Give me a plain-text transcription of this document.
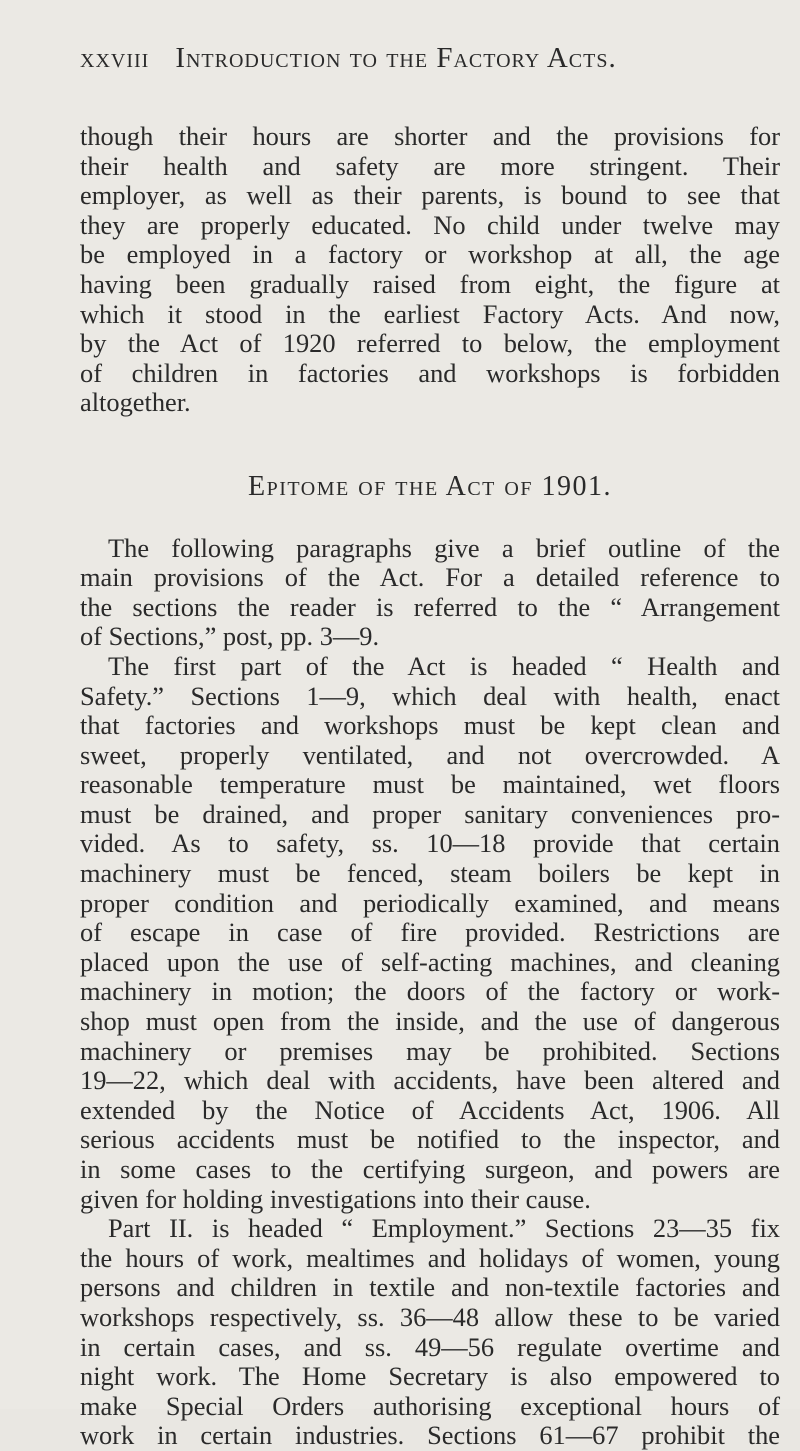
xxviii Introduction to the Factory Acts.
though their hours are shorter and the provisions for
their health and safety are more stringent. Their
employer, as well as their parents, is bound to see that
they are properly educated. No child under twelve may
be employed in a factory or workshop at all, the age
having been gradually raised from eight, the figure at
which it stood in the earliest Factory Acts. And now,
by the Act of 1920 referred to below, the employment
of children in factories and workshops is forbidden
altogether.
Epitome of the Act of 1901.
The following paragraphs give a brief outline of the
main provisions of the Act. For a detailed reference to
the sections the reader is referred to the “ Arrangement
of Sections,” post, pp. 3—9.
The first part of the Act is headed “ Health and
Safety.” Sections 1—9, which deal with health, enact
that factories and workshops must be kept clean and
sweet, properly ventilated, and not overcrowded. A
reasonable temperature must be maintained, wet floors
must be drained, and proper sanitary conveniences pro-
vided. As to safety, ss. 10—18 provide that certain
machinery must be fenced, steam boilers be kept in
proper condition and periodically examined, and means
of escape in case of fire provided. Restrictions are
placed upon the use of self-acting machines, and cleaning
machinery in motion; the doors of the factory or work-
shop must open from the inside, and the use of dangerous
machinery or premises may be prohibited. Sections
19—22, which deal with accidents, have been altered and
extended by the Notice of Accidents Act, 1906. All
serious accidents must be notified to the inspector, and
in some cases to the certifying surgeon, and powers are
given for holding investigations into their cause.
Part II. is headed “ Employment.” Sections 23—35 fix
the hours of work, mealtimes and holidays of women, young
persons and children in textile and non-textile factories and
workshops respectively, ss. 36—48 allow these to be varied
in certain cases, and ss. 49—56 regulate overtime and
night work. The Home Secretary is also empowered to
make Special Orders authorising exceptional hours of
work in certain industries. Sections 61—67 prohibit the
